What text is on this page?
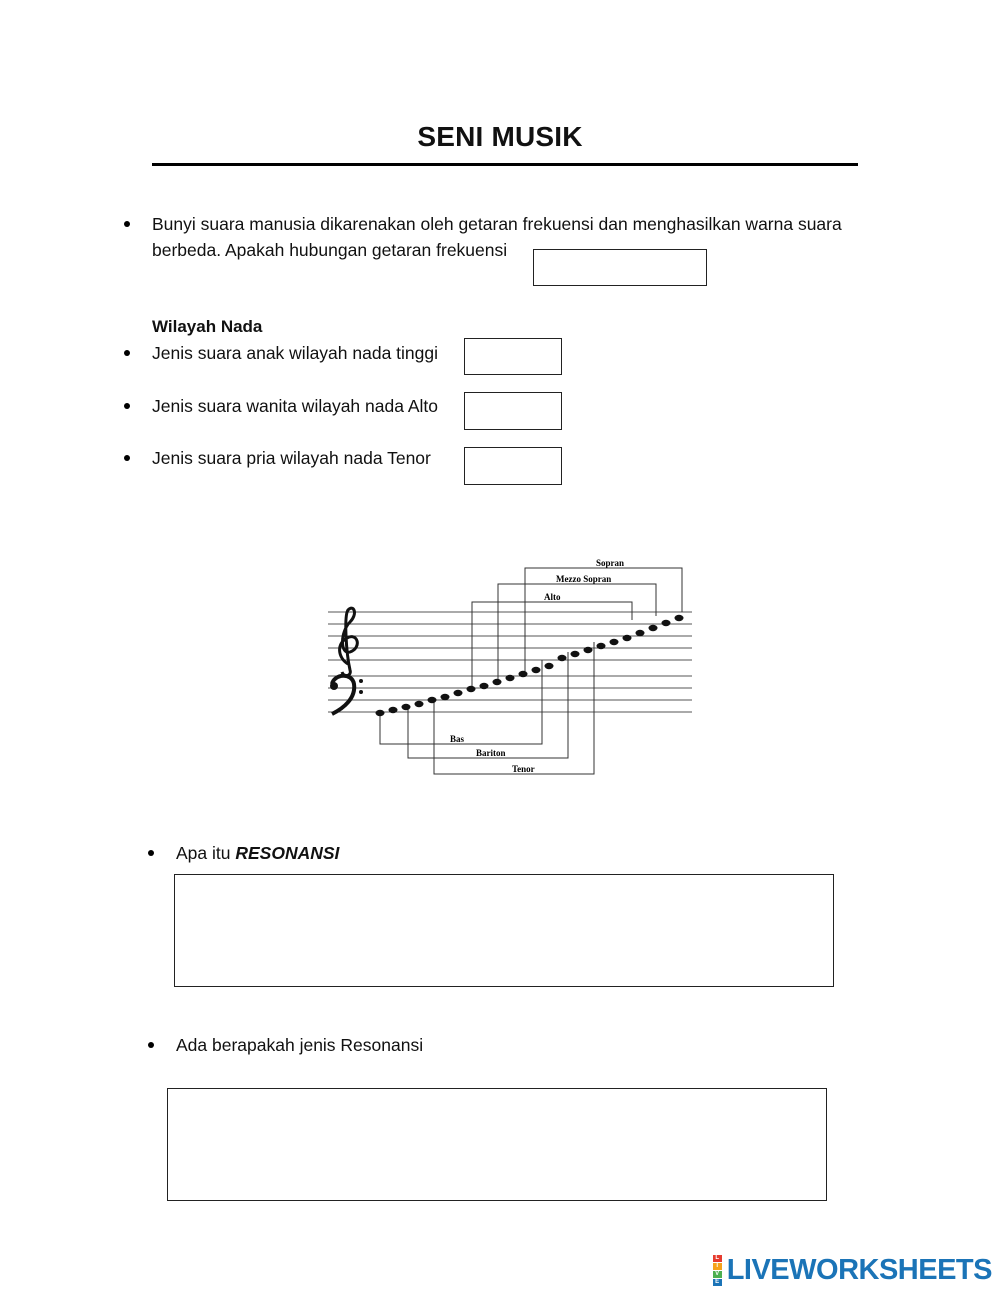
SENI MUSIK
Bunyi suara manusia dikarenakan oleh getaran frekuensi dan menghasilkan warna suara
berbeda. Apakah hubungan getaran frekuensi
Wilayah Nada
Jenis suara anak wilayah nada tinggi
Jenis suara wanita wilayah nada Alto
Jenis suara pria wilayah nada Tenor
Sopran
Mezzo Sopran
Alto
Bas
Bariton
Tenor
Apa itu RESONANSI
Ada berapakah jenis Resonansi
L
I
V
E LIVEWORKSHEETS
